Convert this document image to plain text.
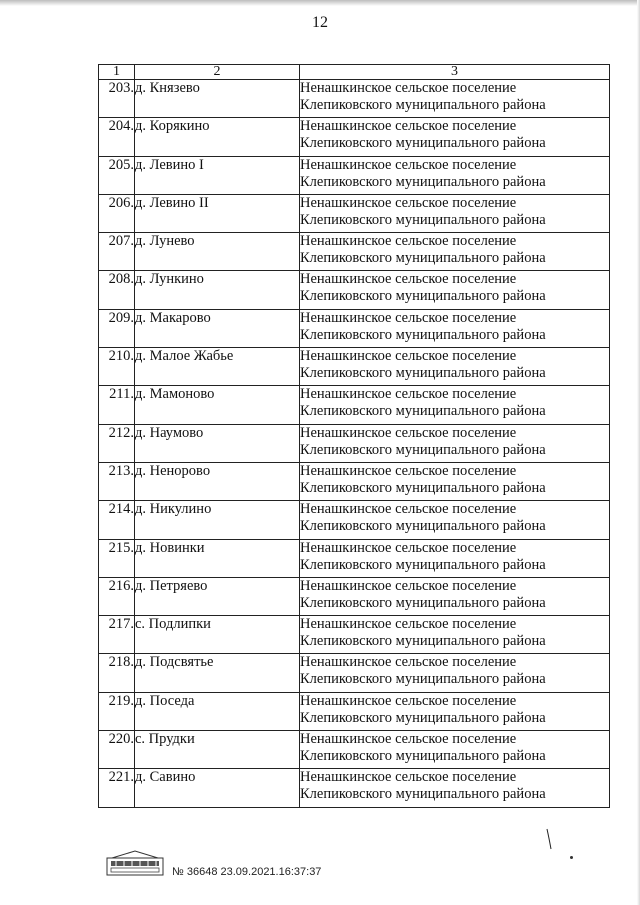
12
1	2	3
203.	д. Князево	Ненашкинское сельское поселение
Клепиковского муниципального района

204.	д. Корякино	Ненашкинское сельское поселение
Клепиковского муниципального района

205.	д. Левино I	Ненашкинское сельское поселение
Клепиковского муниципального района

206.	д. Левино II	Ненашкинское сельское поселение
Клепиковского муниципального района

207.	д. Лунево	Ненашкинское сельское поселение
Клепиковского муниципального района

208.	д. Лункино	Ненашкинское сельское поселение
Клепиковского муниципального района

209.	д. Макарово	Ненашкинское сельское поселение
Клепиковского муниципального района

210.	д. Малое Жабье	Ненашкинское сельское поселение
Клепиковского муниципального района

211.	д. Мамоново	Ненашкинское сельское поселение
Клепиковского муниципального района

212.	д. Наумово	Ненашкинское сельское поселение
Клепиковского муниципального района

213.	д. Неноровo	Ненашкинское сельское поселение
Клепиковского муниципального района

214.	д. Никулино	Ненашкинское сельское поселение
Клепиковского муниципального района

215.	д. Новинки	Ненашкинское сельское поселение
Клепиковского муниципального района

216.	д. Петряево	Ненашкинское сельское поселение
Клепиковского муниципального района

217.	с. Подлипки	Ненашкинское сельское поселение
Клепиковского муниципального района

218.	д. Подсвятье	Ненашкинское сельское поселение
Клепиковского муниципального района

219.	д. Поседа	Ненашкинское сельское поселение
Клепиковского муниципального района

220.	с. Прудки	Ненашкинское сельское поселение
Клепиковского муниципального района

221.	д. Савино	Ненашкинское сельское поселение
Клепиковского муниципального района
№ 36648 23.09.2021.16:37:37
